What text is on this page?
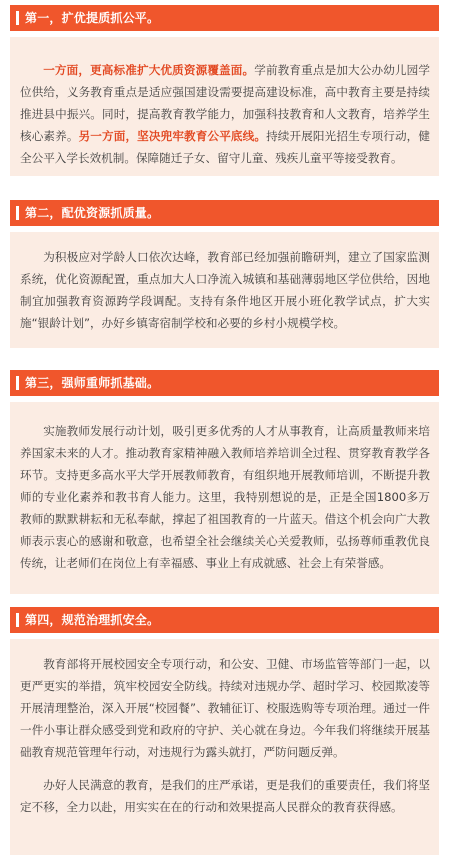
第一，扩优提质抓公平。

一方面，更高标准扩大优质资源覆盖面。学前教育重点是加大公办幼儿园学位供给，义务教育重点是适应强国建设需要提高建设标准，高中教育主要是持续推进县中振兴。同时，提高教育教学能力，加强科技教育和人文教育，培养学生核心素养。另一方面，坚决兜牢教育公平底线。持续开展阳光招生专项行动，健全公平入学长效机制。保障随迁子女、留守儿童、残疾儿童平等接受教育。

第二，配优资源抓质量。

为积极应对学龄人口依次达峰，教育部已经加强前瞻研判，建立了国家监测系统，优化资源配置，重点加大人口净流入城镇和基础薄弱地区学位供给，因地制宜加强教育资源跨学段调配。支持有条件地区开展小班化教学试点，扩大实施“银龄计划”，办好乡镇寄宿制学校和必要的乡村小规模学校。

第三，强师重师抓基础。

实施教师发展行动计划，吸引更多优秀的人才从事教育，让高质量教师来培养国家未来的人才。推动教育家精神融入教师培养培训全过程、贯穿教育教学各环节。支持更多高水平大学开展教师教育，有组织地开展教师培训，不断提升教师的专业化素养和教书育人能力。这里，我特别想说的是，正是全国1800多万教师的默默耕耘和无私奉献，撑起了祖国教育的一片蓝天。借这个机会向广大教师表示衷心的感谢和敬意，也希望全社会继续关心关爱教师，弘扬尊师重教优良传统，让老师们在岗位上有幸福感、事业上有成就感、社会上有荣誉感。

第四，规范治理抓安全。

教育部将开展校园安全专项行动，和公安、卫健、市场监管等部门一起，以更严更实的举措，筑牢校园安全防线。持续对违规办学、超时学习、校园欺凌等开展清理整治，深入开展“校园餐”、教辅征订、校服选购等专项治理。通过一件一件小事让群众感受到党和政府的守护、关心就在身边。今年我们将继续开展基础教育规范管理年行动，对违规行为露头就打，严防问题反弹。

办好人民满意的教育，是我们的庄严承诺，更是我们的重要责任，我们将坚定不移，全力以赴，用实实在在的行动和效果提高人民群众的教育获得感。
